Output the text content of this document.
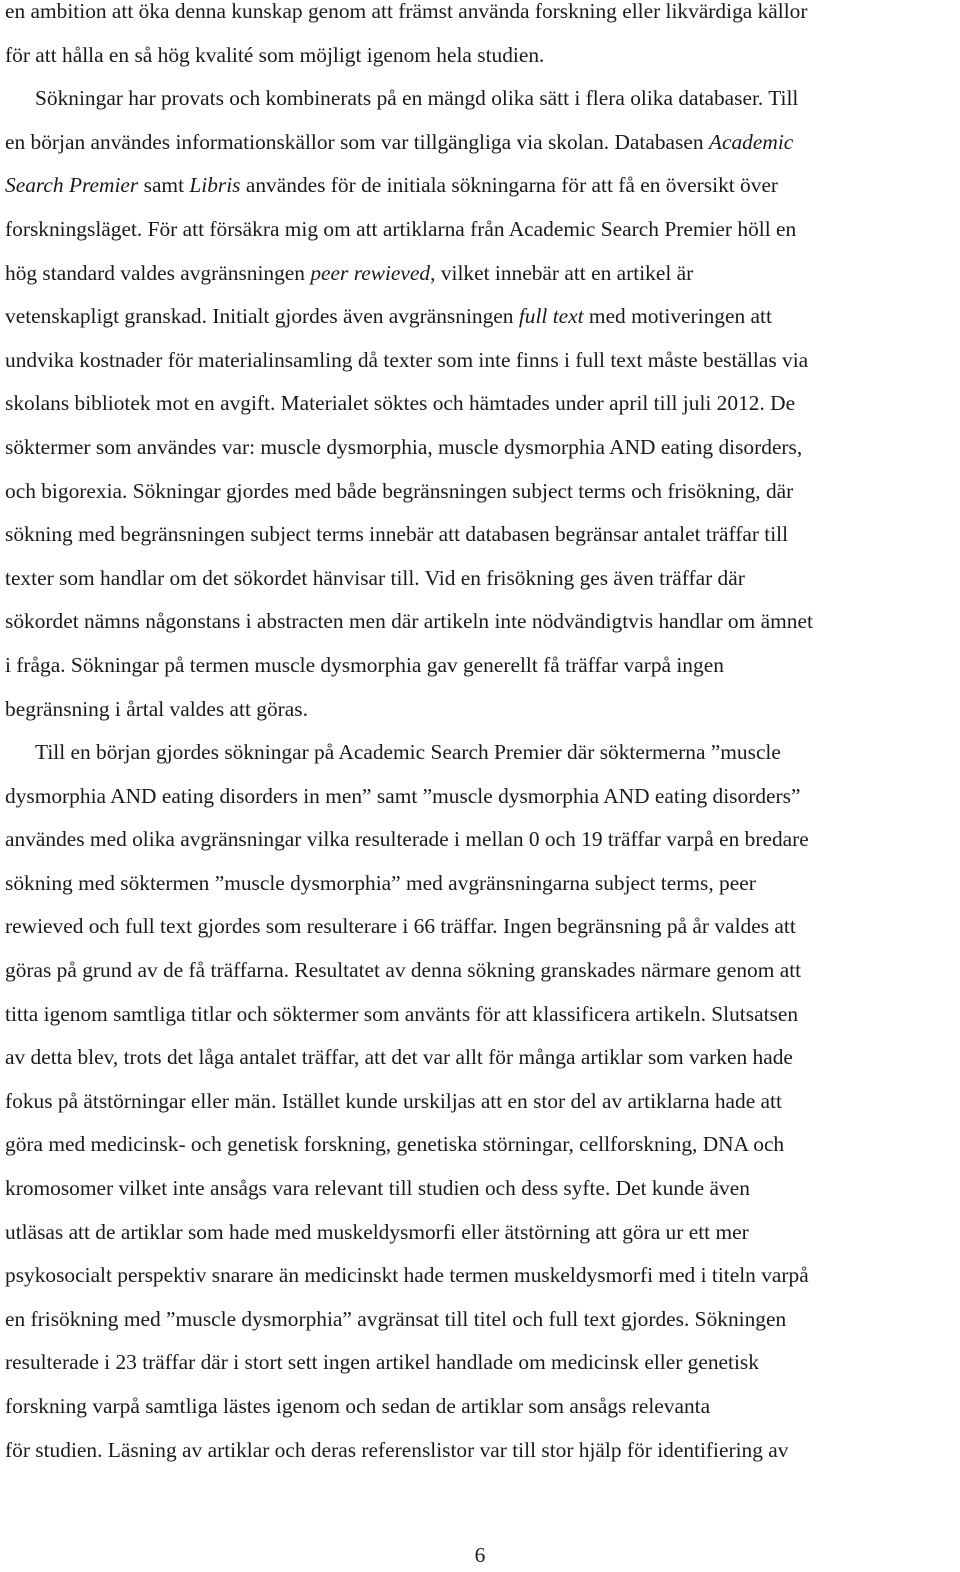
en ambition att öka denna kunskap genom att främst använda forskning eller likvärdiga källor
för att hålla en så hög kvalité som möjligt igenom hela studien.
Sökningar har provats och kombinerats på en mängd olika sätt i flera olika databaser. Till
en början användes informationskällor som var tillgängliga via skolan. Databasen Academic
Search Premier samt Libris användes för de initiala sökningarna för att få en översikt över
forskningsläget. För att försäkra mig om att artiklarna från Academic Search Premier höll en
hög standard valdes avgränsningen peer rewieved, vilket innebär att en artikel är
vetenskapligt granskad. Initialt gjordes även avgränsningen full text med motiveringen att
undvika kostnader för materialinsamling då texter som inte finns i full text måste beställas via
skolans bibliotek mot en avgift. Materialet söktes och hämtades under april till juli 2012. De
söktermer som användes var: muscle dysmorphia, muscle dysmorphia AND eating disorders,
och bigorexia. Sökningar gjordes med både begränsningen subject terms och frisökning, där
sökning med begränsningen subject terms innebär att databasen begränsar antalet träffar till
texter som handlar om det sökordet hänvisar till. Vid en frisökning ges även träffar där
sökordet nämns någonstans i abstracten men där artikeln inte nödvändigtvis handlar om ämnet
i fråga. Sökningar på termen muscle dysmorphia gav generellt få träffar varpå ingen
begränsning i årtal valdes att göras.
Till en början gjordes sökningar på Academic Search Premier där söktermerna ”muscle
dysmorphia AND eating disorders in men” samt ”muscle dysmorphia AND eating disorders”
användes med olika avgränsningar vilka resulterade i mellan 0 och 19 träffar varpå en bredare
sökning med söktermen ”muscle dysmorphia” med avgränsningarna subject terms, peer
rewieved och full text gjordes som resulterare i 66 träffar. Ingen begränsning på år valdes att
göras på grund av de få träffarna. Resultatet av denna sökning granskades närmare genom att
titta igenom samtliga titlar och söktermer som använts för att klassificera artikeln. Slutsatsen
av detta blev, trots det låga antalet träffar, att det var allt för många artiklar som varken hade
fokus på ätstörningar eller män. Istället kunde urskiljas att en stor del av artiklarna hade att
göra med medicinsk- och genetisk forskning, genetiska störningar, cellforskning, DNA och
kromosomer vilket inte ansågs vara relevant till studien och dess syfte. Det kunde även
utläsas att de artiklar som hade med muskeldysmorfi eller ätstörning att göra ur ett mer
psykosocialt perspektiv snarare än medicinskt hade termen muskeldysmorfi med i titeln varpå
en frisökning med ”muscle dysmorphia” avgränsat till titel och full text gjordes. Sökningen
resulterade i 23 träffar där i stort sett ingen artikel handlade om medicinsk eller genetisk
forskning varpå samtliga lästes igenom och sedan de artiklar som ansågs relevanta
för studien. Läsning av artiklar och deras referenslistor var till stor hjälp för identifiering av
6
